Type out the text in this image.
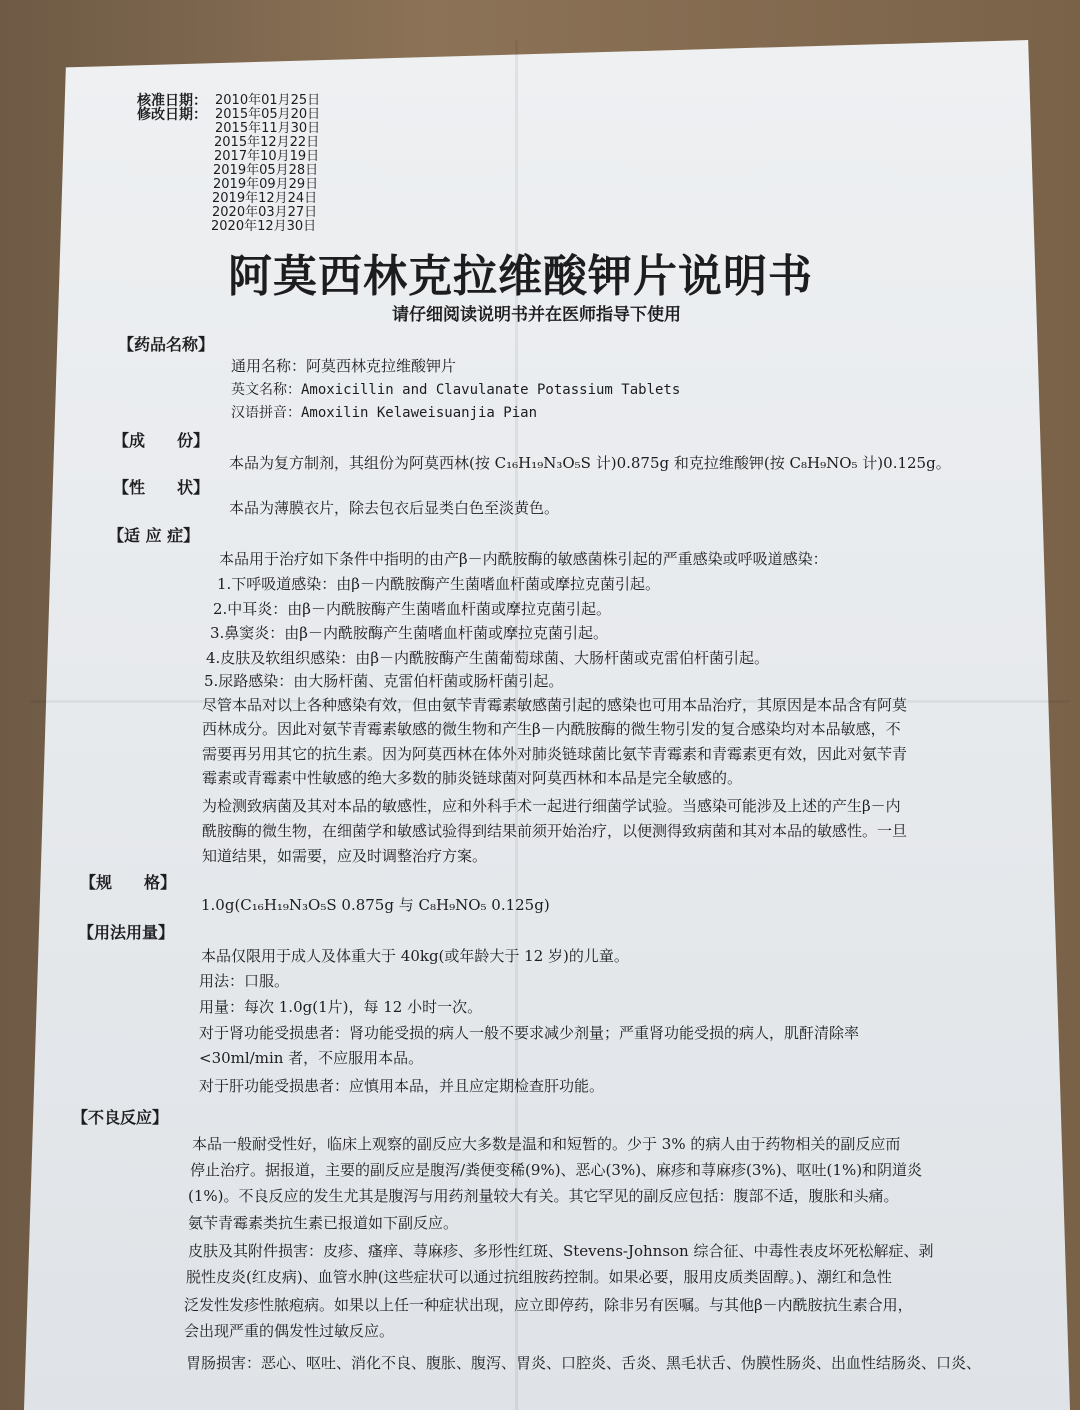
核准日期：
修改日期：
2010年01月25日
2015年05月20日
2015年11月30日
2015年12月22日
2017年10月19日
2019年05月28日
2019年09月29日
2019年12月24日
2020年03月27日
2020年12月30日
阿莫西林克拉维酸钾片说明书
请仔细阅读说明书并在医师指导下使用
【药品名称】
通用名称：阿莫西林克拉维酸钾片
英文名称：Amoxicillin and Clavulanate Potassium Tablets
汉语拼音：Amoxilin Kelaweisuanjia Pian
【成　　份】
本品为复方制剂，其组份为阿莫西林(按 C₁₆H₁₉N₃O₅S 计)0.875g 和克拉维酸钾(按 C₈H₉NO₅ 计)0.125g。
【性　　状】
本品为薄膜衣片，除去包衣后显类白色至淡黄色。
【适 应 症】
本品用于治疗如下条件中指明的由产β－内酰胺酶的敏感菌株引起的严重感染或呼吸道感染：
1.下呼吸道感染：由β－内酰胺酶产生菌嗜血杆菌或摩拉克菌引起。
2.中耳炎：由β－内酰胺酶产生菌嗜血杆菌或摩拉克菌引起。
3.鼻窦炎：由β－内酰胺酶产生菌嗜血杆菌或摩拉克菌引起。
4.皮肤及软组织感染：由β－内酰胺酶产生菌葡萄球菌、大肠杆菌或克雷伯杆菌引起。
5.尿路感染：由大肠杆菌、克雷伯杆菌或肠杆菌引起。
尽管本品对以上各种感染有效，但由氨苄青霉素敏感菌引起的感染也可用本品治疗，其原因是本品含有阿莫
西林成分。因此对氨苄青霉素敏感的微生物和产生β－内酰胺酶的微生物引发的复合感染均对本品敏感，不
需要再另用其它的抗生素。因为阿莫西林在体外对肺炎链球菌比氨苄青霉素和青霉素更有效，因此对氨苄青
霉素或青霉素中性敏感的绝大多数的肺炎链球菌对阿莫西林和本品是完全敏感的。
为检测致病菌及其对本品的敏感性，应和外科手术一起进行细菌学试验。当感染可能涉及上述的产生β－内
酰胺酶的微生物，在细菌学和敏感试验得到结果前须开始治疗，以便测得致病菌和其对本品的敏感性。一旦
知道结果，如需要，应及时调整治疗方案。
【规　　格】
1.0g(C₁₆H₁₉N₃O₅S 0.875g 与 C₈H₉NO₅ 0.125g)
【用法用量】
本品仅限用于成人及体重大于 40kg(或年龄大于 12 岁)的儿童。
用法：口服。
用量：每次 1.0g(1片)，每 12 小时一次。
对于肾功能受损患者：肾功能受损的病人一般不要求减少剂量；严重肾功能受损的病人，肌酐清除率
<30ml/min 者，不应服用本品。
对于肝功能受损患者：应慎用本品，并且应定期检查肝功能。
【不良反应】
本品一般耐受性好，临床上观察的副反应大多数是温和和短暂的。少于 3% 的病人由于药物相关的副反应而
停止治疗。据报道，主要的副反应是腹泻/粪便变稀(9%)、恶心(3%)、麻疹和荨麻疹(3%)、呕吐(1%)和阴道炎
(1%)。不良反应的发生尤其是腹泻与用药剂量较大有关。其它罕见的副反应包括：腹部不适，腹胀和头痛。
氨苄青霉素类抗生素已报道如下副反应。
皮肤及其附件损害：皮疹、瘙痒、荨麻疹、多形性红斑、Stevens-Johnson 综合征、中毒性表皮坏死松解症、剥
脱性皮炎(红皮病)、血管水肿(这些症状可以通过抗组胺药控制。如果必要，服用皮质类固醇。)、潮红和急性
泛发性发疹性脓疱病。如果以上任一种症状出现，应立即停药，除非另有医嘱。与其他β－内酰胺抗生素合用，
会出现严重的偶发性过敏反应。
胃肠损害：恶心、呕吐、消化不良、腹胀、腹泻、胃炎、口腔炎、舌炎、黑毛状舌、伪膜性肠炎、出血性结肠炎、口炎、
